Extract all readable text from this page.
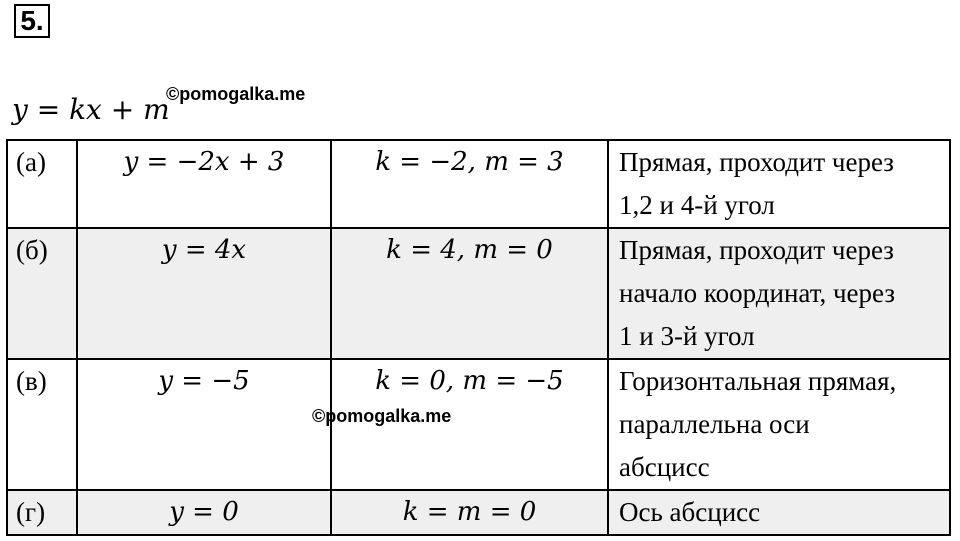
5.
y = kx + m
©pomogalka.me
(а)	y = −2x + 3	k = −2, m = 3	Прямая, проходит через
1,2 и 4-й угол

(б)	y = 4x	k = 4, m = 0	Прямая, проходит через
начало координат, через
1 и 3-й угол

(в)	y = −5	k = 0, m = −5	Горизонтальная прямая,
параллельна оси
абсцисс

(г)	y = 0	k = m = 0	Ось абсцисс
©pomogalka.me
